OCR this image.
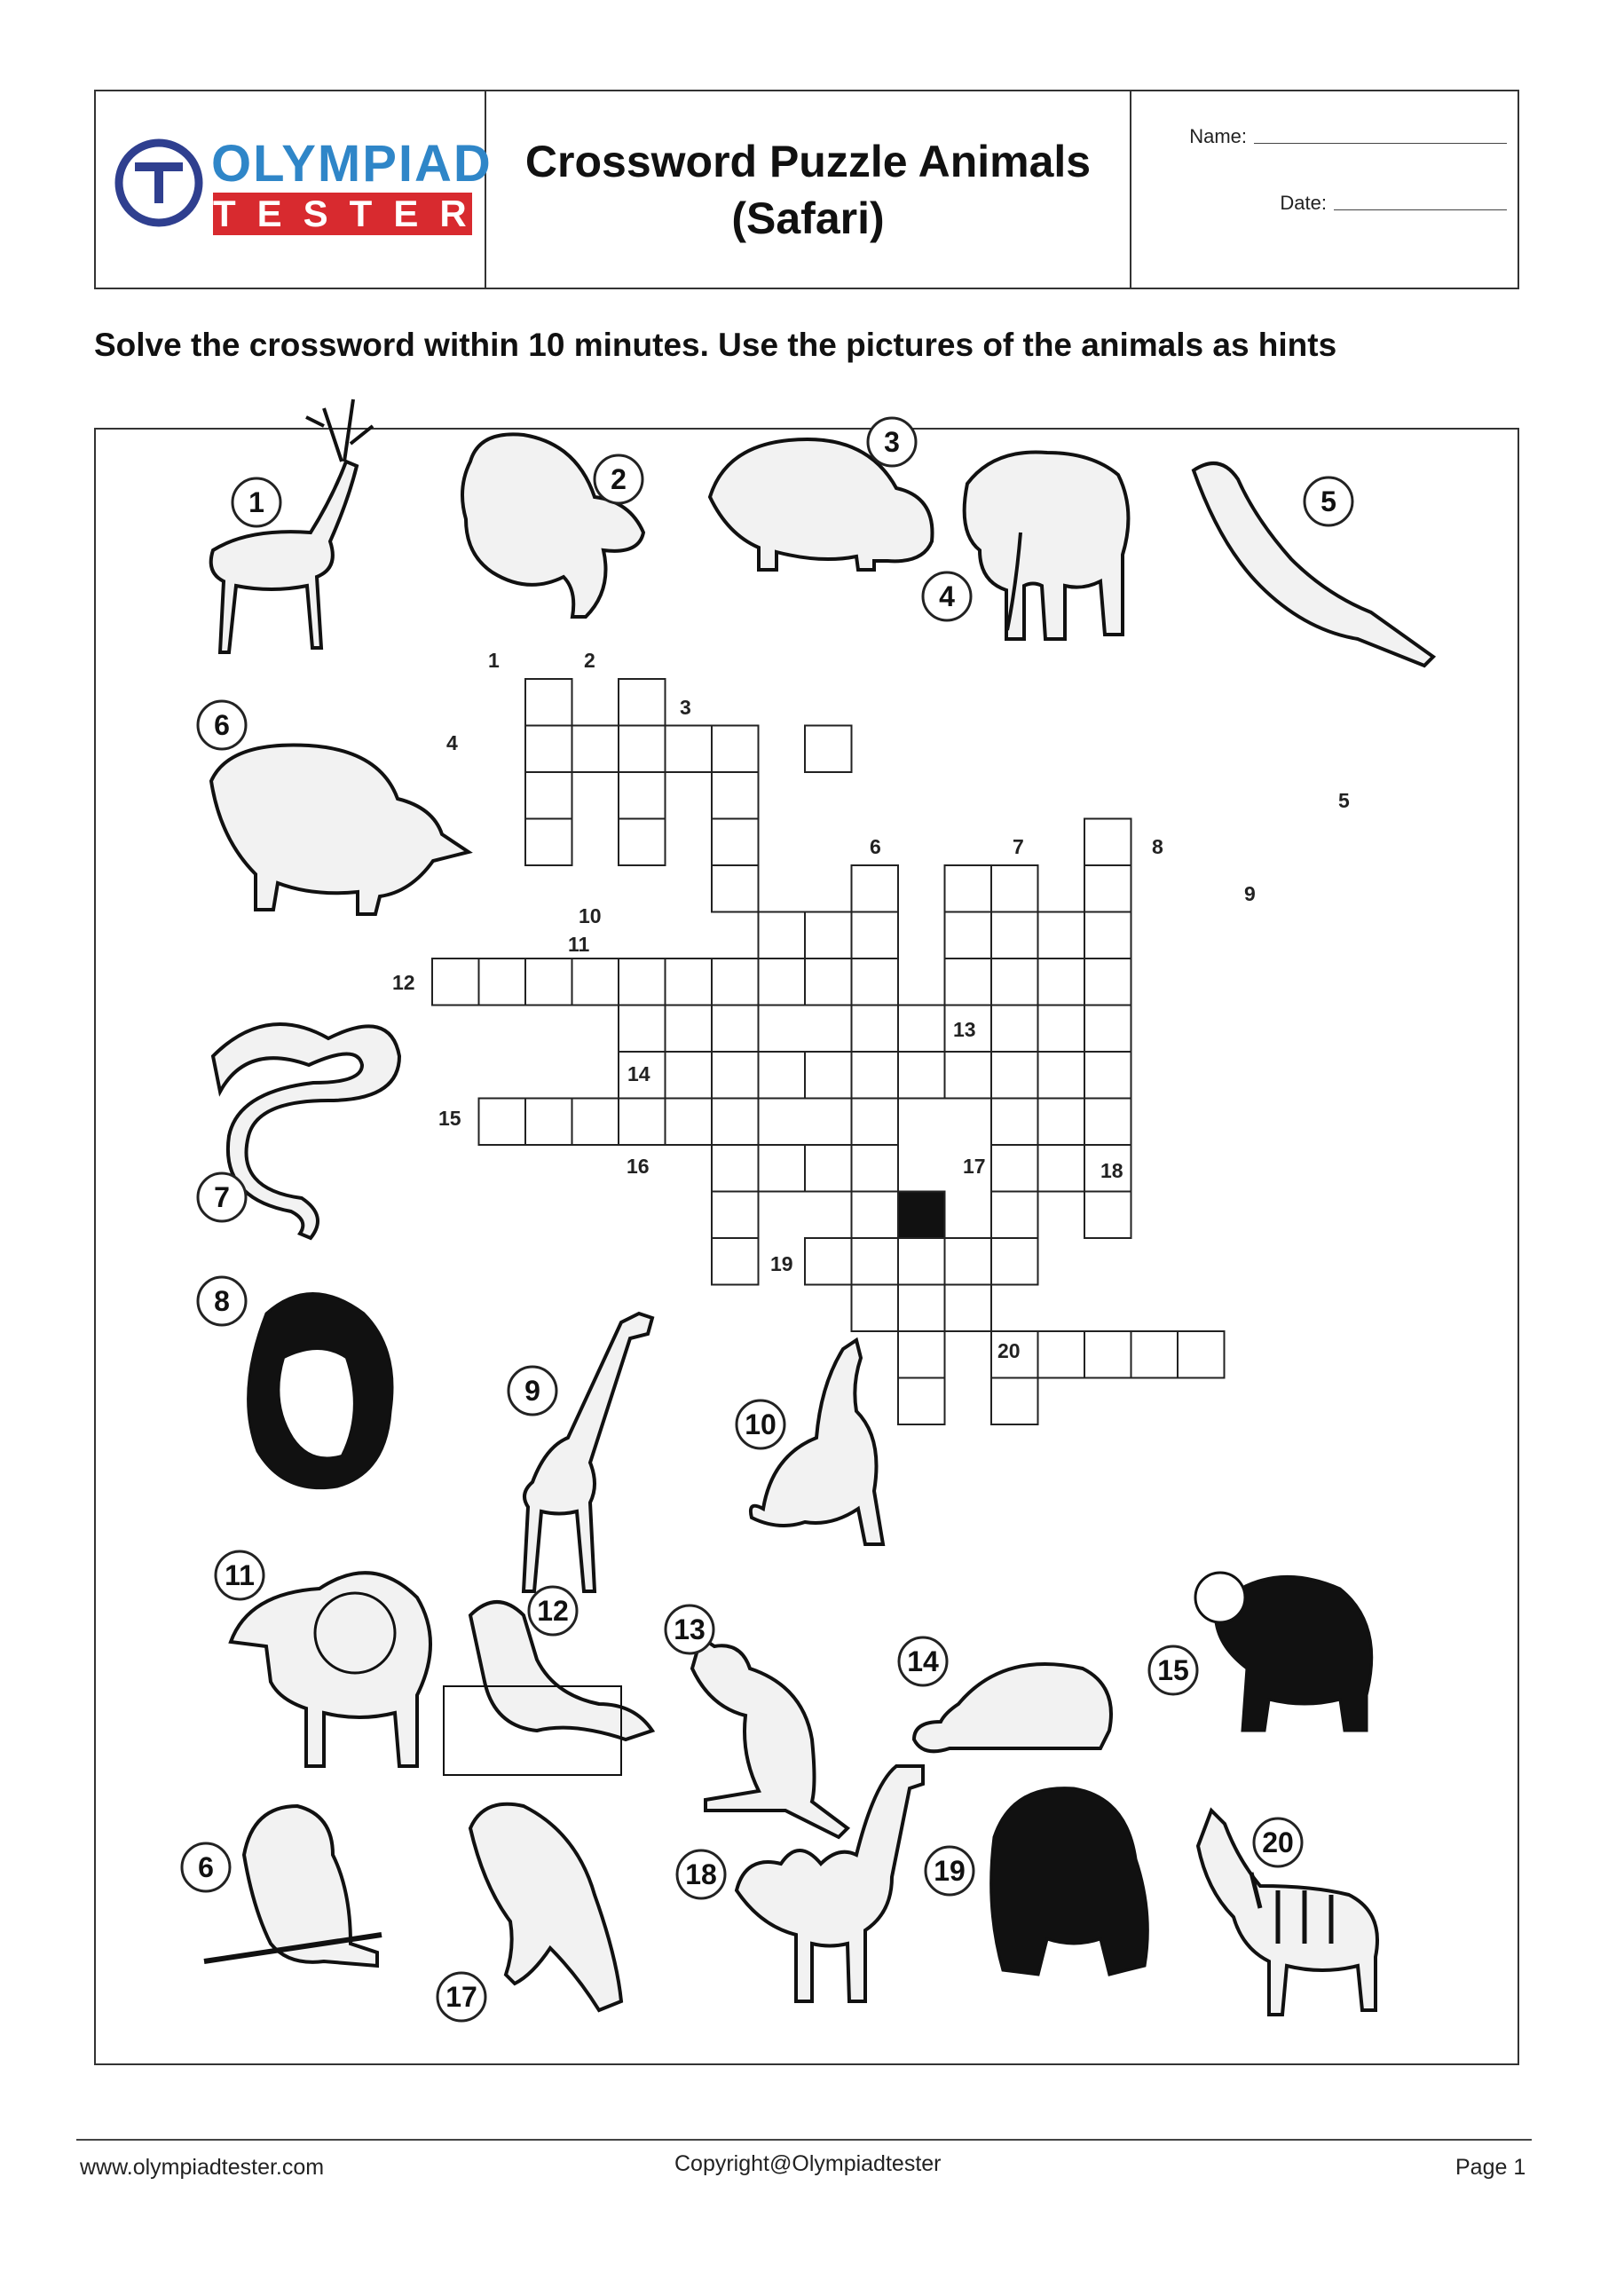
OLYMPIAD
TESTER
Crossword Puzzle Animals
(Safari)
Name:
Date:
Solve the crossword within 10 minutes. Use the pictures of the animals as hints
1
2
3
4
5
6
7
8
9
10
11
12
13
14	15
6
17
18	19
20
1	2
3
4
5
6	7	8
9
10
11
12
13
14
15
16	17	18
19
20
www.olympiadtester.com	Copyright@Olympiadtester	Page 1
